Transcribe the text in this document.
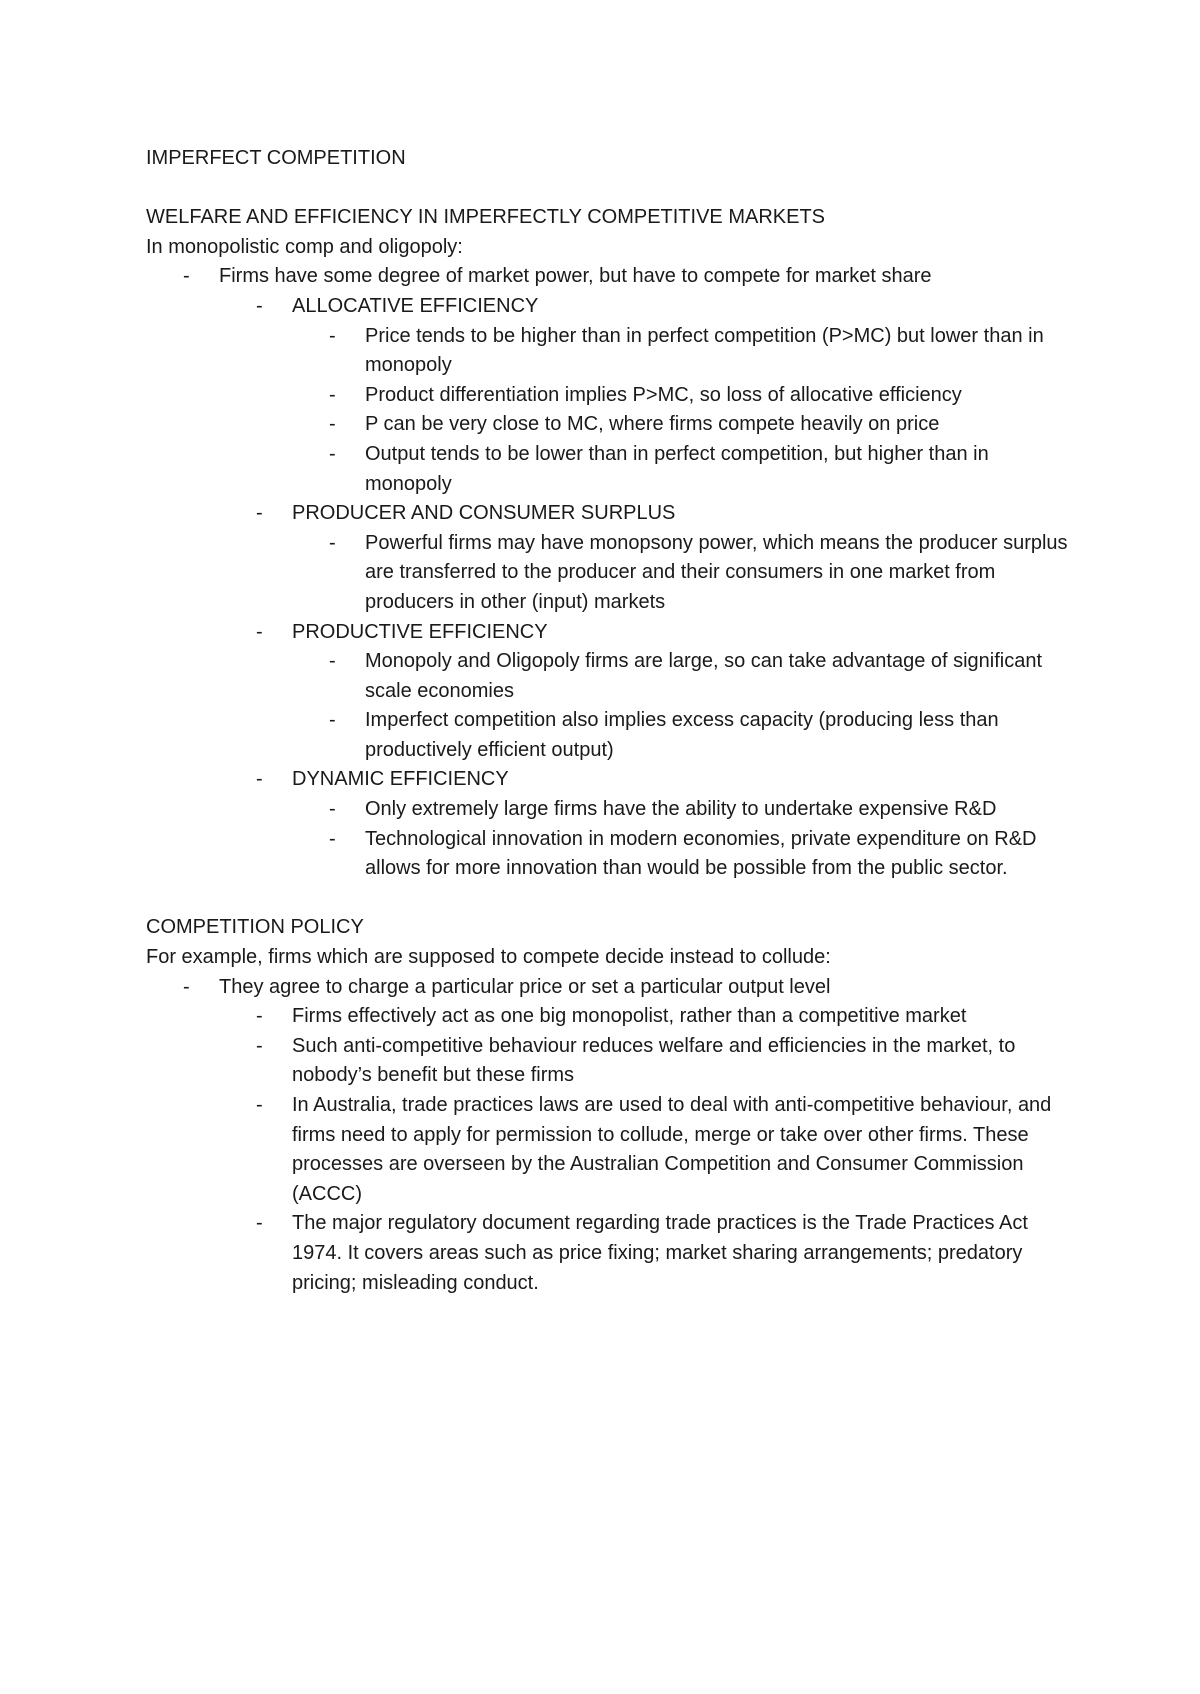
IMPERFECT COMPETITION

WELFARE AND EFFICIENCY IN IMPERFECTLY COMPETITIVE MARKETS

In monopolistic comp and oligopoly:

-	Firms have some degree of market power, but have to compete for market share
-	ALLOCATIVE EFFICIENCY
-	Price tends to be higher than in perfect competition (P>MC) but lower than in monopoly
-	Product differentiation implies P>MC, so loss of allocative efficiency
-	P can be very close to MC, where firms compete heavily on price
-	Output tends to be lower than in perfect competition, but higher than in monopoly
-	PRODUCER AND CONSUMER SURPLUS
-	Powerful firms may have monopsony power, which means the producer surplus are transferred to the producer and their consumers in one market from producers in other (input) markets
-	PRODUCTIVE EFFICIENCY
-	Monopoly and Oligopoly firms are large, so can take advantage of significant scale economies
-	Imperfect competition also implies excess capacity (producing less than productively efficient output)
-	DYNAMIC EFFICIENCY
-	Only extremely large firms have the ability to undertake expensive R&D
-	Technological innovation in modern economies, private expenditure on R&D allows for more innovation than would be possible from the public sector.

COMPETITION POLICY

For example, firms which are supposed to compete decide instead to collude:

-	They agree to charge a particular price or set a particular output level
-	Firms effectively act as one big monopolist, rather than a competitive market
-	Such anti-competitive behaviour reduces welfare and efficiencies in the market, to nobody’s benefit but these firms
-	In Australia, trade practices laws are used to deal with anti-competitive behaviour, and firms need to apply for permission to collude, merge or take over other firms. These processes are overseen by the Australian Competition and Consumer Commission (ACCC)
-	The major regulatory document regarding trade practices is the Trade Practices Act 1974. It covers areas such as price fixing; market sharing arrangements; predatory pricing; misleading conduct.
